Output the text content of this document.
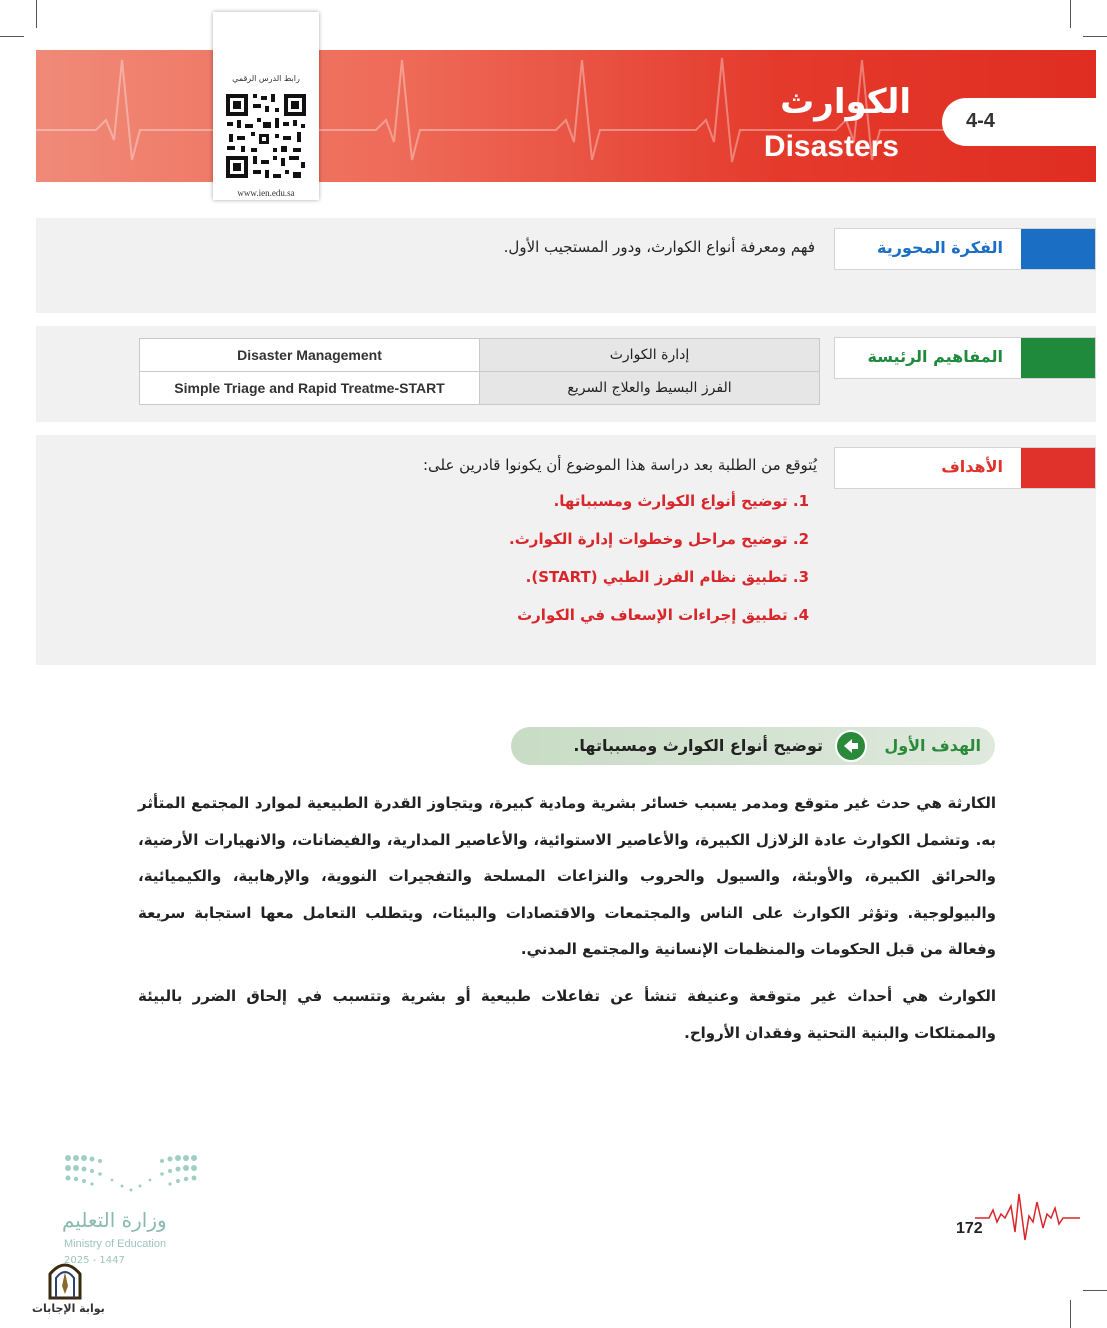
الكوارث
Disasters
4-4
رابط الدرس الرقمي
www.ien.edu.sa
الفكرة المحورية
فهم ومعرفة أنواع الكوارث، ودور المستجيب الأول.
المفاهيم الرئيسة
Disaster Management	إدارة الكوارث
Simple Triage and Rapid Treatme-START	الفرز البسيط والعلاج السريع
الأهداف
يُتوقع من الطلبة بعد دراسة هذا الموضوع أن يكونوا قادرين على:
1. توضيح أنواع الكوارث ومسبباتها.
2. توضيح مراحل وخطوات إدارة الكوارث.
3. تطبيق نظام الفرز الطبي (START).
4. تطبيق إجراءات الإسعاف في الكوارث
الهدف الأول
توضيح أنواع الكوارث ومسبباتها.
الكارثة هي حدث غير متوقع ومدمر يسبب خسائر بشرية ومادية كبيرة، ويتجاوز القدرة الطبيعية لموارد المجتمع المتأثر به. وتشمل الكوارث عادة الزلازل الكبيرة، والأعاصير الاستوائية، والأعاصير المدارية، والفيضانات، والانهيارات الأرضية، والحرائق الكبيرة، والأوبئة، والسيول والحروب والنزاعات المسلحة والتفجيرات النووية، والإرهابية، والكيميائية، والبيولوجية. وتؤثر الكوارث على الناس والمجتمعات والاقتصادات والبيئات، ويتطلب التعامل معها استجابة سريعة وفعالة من قبل الحكومات والمنظمات الإنسانية والمجتمع المدني.
الكوارث هي أحداث غير متوقعة وعنيفة تنشأ عن تفاعلات طبيعية أو بشرية وتتسبب في إلحاق الضرر بالبيئة والممتلكات والبنية التحتية وفقدان الأرواح.
172
وزارة التعليم
Ministry of Education
2025 - 1447
بوابة الإجابات
